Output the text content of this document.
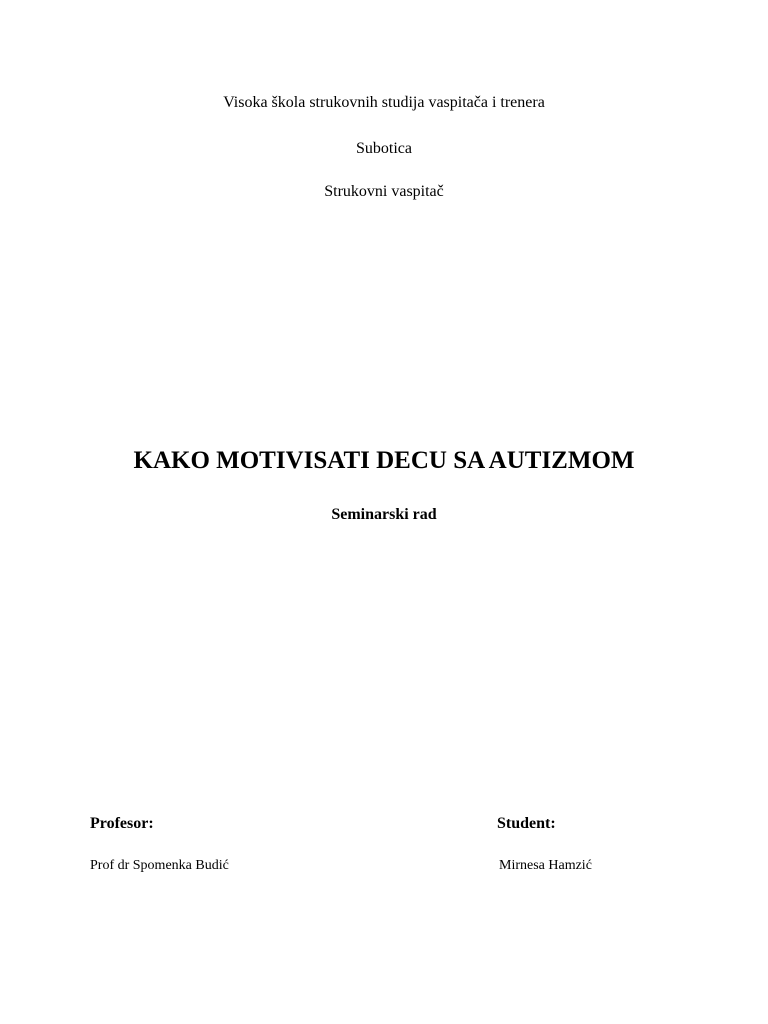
Visoka škola strukovnih studija vaspitača i trenera
Subotica
Strukovni vaspitač
KAKO MOTIVISATI DECU SA AUTIZMOM
Seminarski rad
Profesor:
Prof dr Spomenka Budić
Student:
Mirnesa Hamzić
